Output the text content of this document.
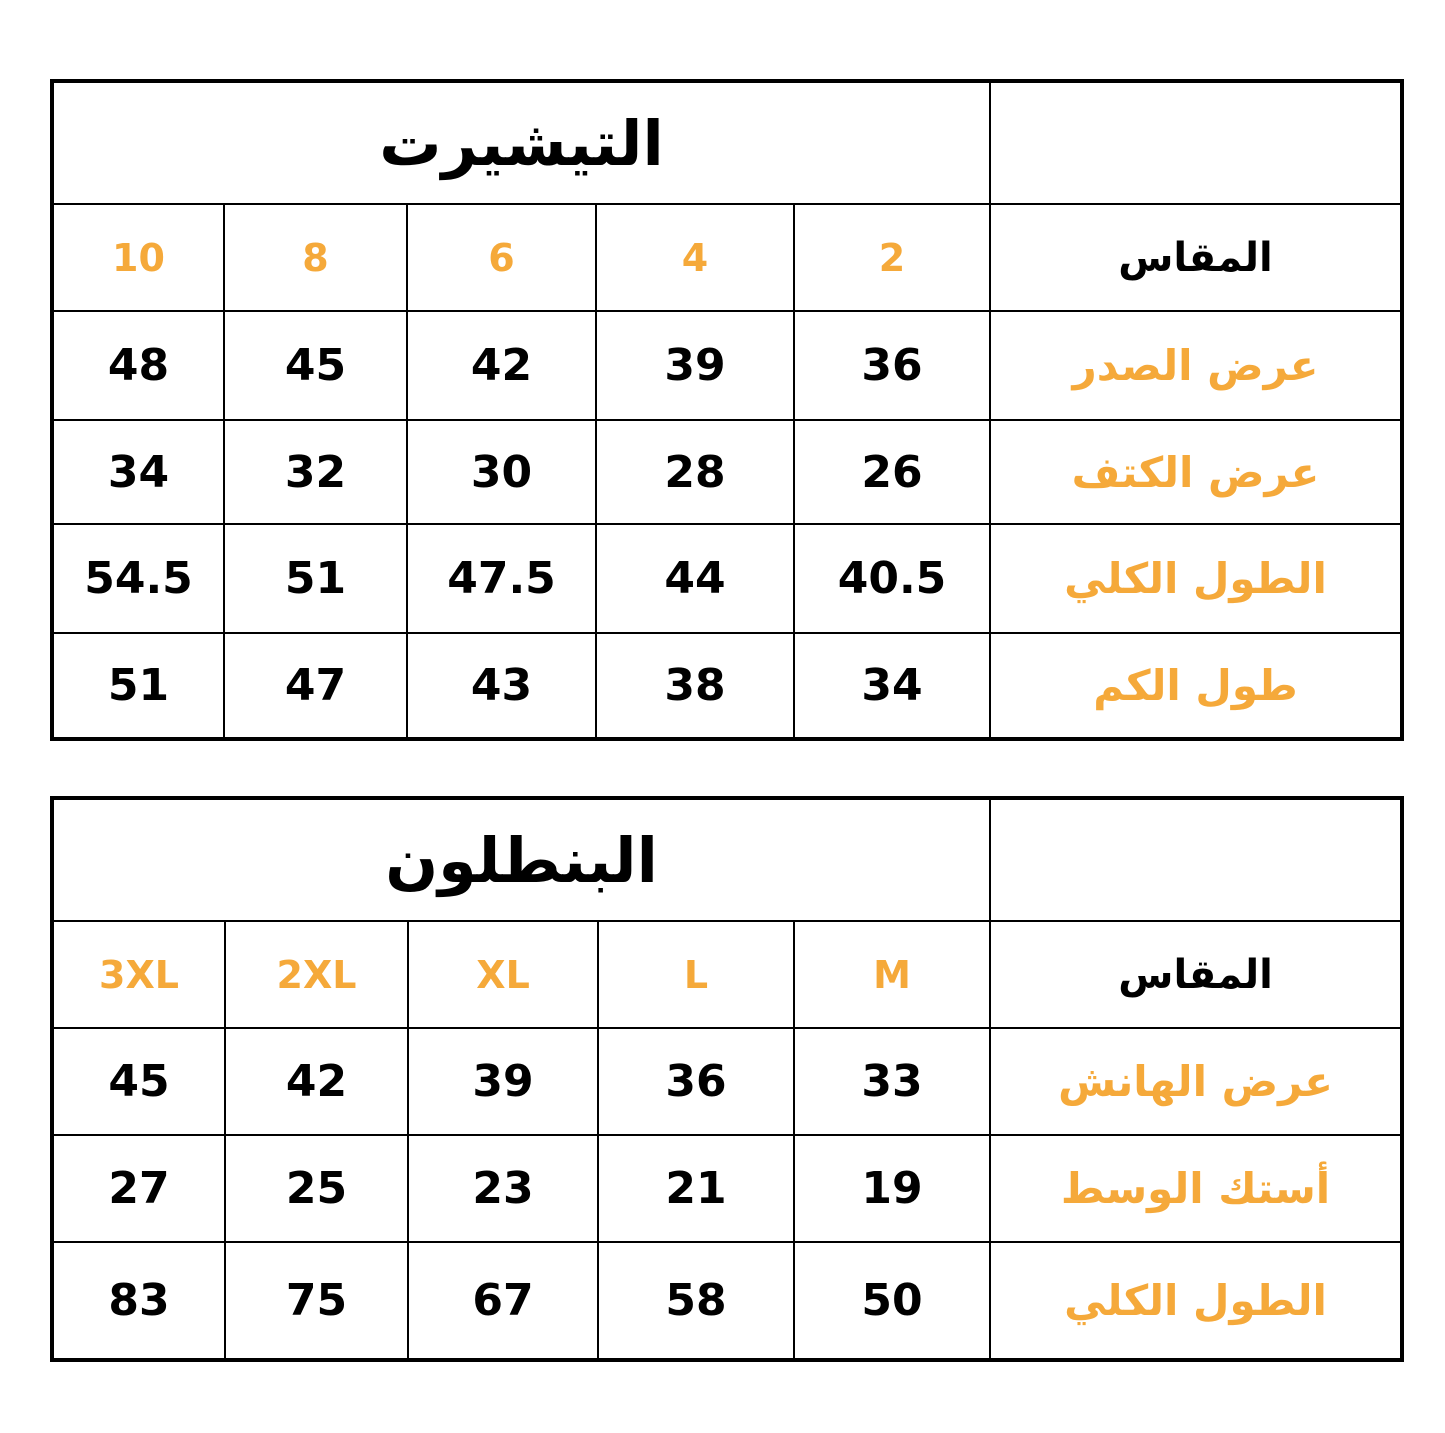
	التيشيرت				
المقاس	2	4	6	8	10
عرض الصدر	36	39	42	45	48
عرض الكتف	26	28	30	32	34
الطول الكلي	40.5	44	47.5	51	54.5
طول الكم	34	38	43	47	51
	البنطلون				
المقاس	M	L	XL	2XL	3XL
عرض الهانش	33	36	39	42	45
أستك الوسط	19	21	23	25	27
الطول الكلي	50	58	67	75	83
